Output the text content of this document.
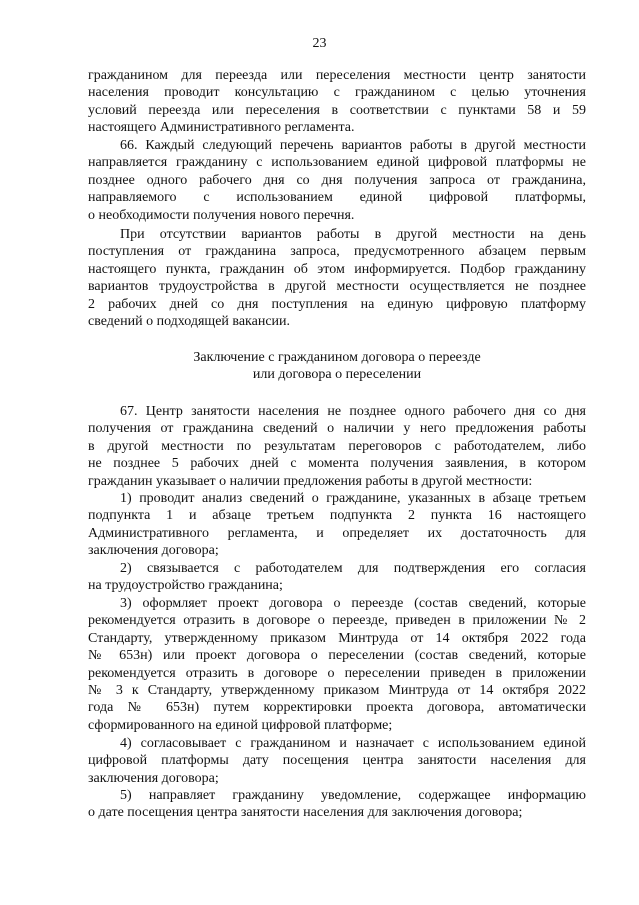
23
гражданином для переезда или переселения местности центр занятости
населения проводит консультацию с гражданином с целью уточнения
условий переезда или переселения в соответствии с пунктами 58 и 59
настоящего Административного регламента.
66. Каждый следующий перечень вариантов работы в другой местности
направляется гражданину с использованием единой цифровой платформы не
позднее одного рабочего дня со дня получения запроса от гражданина,
направляемого с использованием единой цифровой платформы,
о необходимости получения нового перечня.
При отсутствии вариантов работы в другой местности на день
поступления от гражданина запроса, предусмотренного абзацем первым
настоящего пункта, гражданин об этом информируется. Подбор гражданину
вариантов трудоустройства в другой местности осуществляется не позднее
2 рабочих дней со дня поступления на единую цифровую платформу
сведений о подходящей вакансии.
Заключение с гражданином договора о переезде
или договора о переселении
67. Центр занятости населения не позднее одного рабочего дня со дня
получения от гражданина сведений о наличии у него предложения работы
в другой местности по результатам переговоров с работодателем, либо
не позднее 5 рабочих дней с момента получения заявления, в котором
гражданин указывает о наличии предложения работы в другой местности:
1) проводит анализ сведений о гражданине, указанных в абзаце третьем
подпункта 1 и абзаце третьем подпункта 2 пункта 16 настоящего
Административного регламента, и определяет их достаточность для
заключения договора;
2) связывается с работодателем для подтверждения его согласия
на трудоустройство гражданина;
3) оформляет проект договора о переезде (состав сведений, которые
рекомендуется отразить в договоре о переезде, приведен в приложении № 2
Стандарту, утвержденному приказом Минтруда от 14 октября 2022 года
№ 653н) или проект договора о переселении (состав сведений, которые
рекомендуется отразить в договоре о переселении приведен в приложении
№ 3 к Стандарту, утвержденному приказом Минтруда от 14 октября 2022
года № 653н) путем корректировки проекта договора, автоматически
сформированного на единой цифровой платформе;
4) согласовывает с гражданином и назначает с использованием единой
цифровой платформы дату посещения центра занятости населения для
заключения договора;
5) направляет гражданину уведомление, содержащее информацию
о дате посещения центра занятости населения для заключения договора;
